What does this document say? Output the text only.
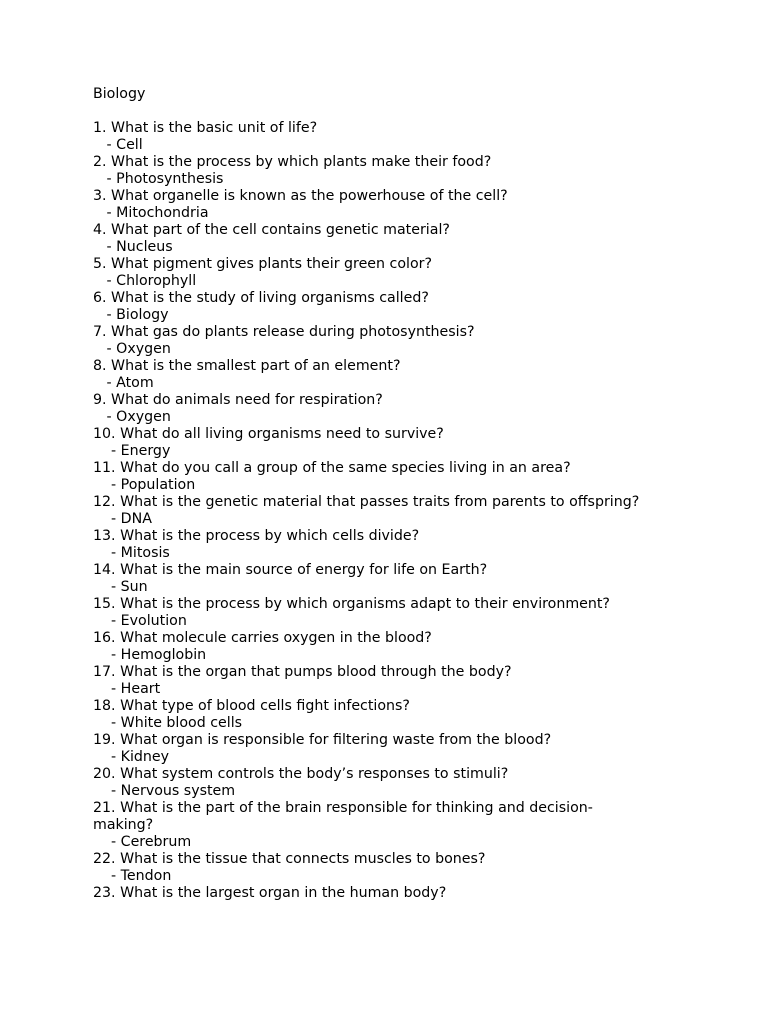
Biology
1. What is the basic unit of life?
- Cell
2. What is the process by which plants make their food?
- Photosynthesis
3. What organelle is known as the powerhouse of the cell?
- Mitochondria
4. What part of the cell contains genetic material?
- Nucleus
5. What pigment gives plants their green color?
- Chlorophyll
6. What is the study of living organisms called?
- Biology
7. What gas do plants release during photosynthesis?
- Oxygen
8. What is the smallest part of an element?
- Atom
9. What do animals need for respiration?
- Oxygen
10. What do all living organisms need to survive?
- Energy
11. What do you call a group of the same species living in an area?
- Population
12. What is the genetic material that passes traits from parents to offspring?
- DNA
13. What is the process by which cells divide?
- Mitosis
14. What is the main source of energy for life on Earth?
- Sun
15. What is the process by which organisms adapt to their environment?
- Evolution
16. What molecule carries oxygen in the blood?
- Hemoglobin
17. What is the organ that pumps blood through the body?
- Heart
18. What type of blood cells fight infections?
- White blood cells
19. What organ is responsible for filtering waste from the blood?
- Kidney
20. What system controls the body’s responses to stimuli?
- Nervous system
21. What is the part of the brain responsible for thinking and decision-making?
- Cerebrum
22. What is the tissue that connects muscles to bones?
- Tendon
23. What is the largest organ in the human body?
